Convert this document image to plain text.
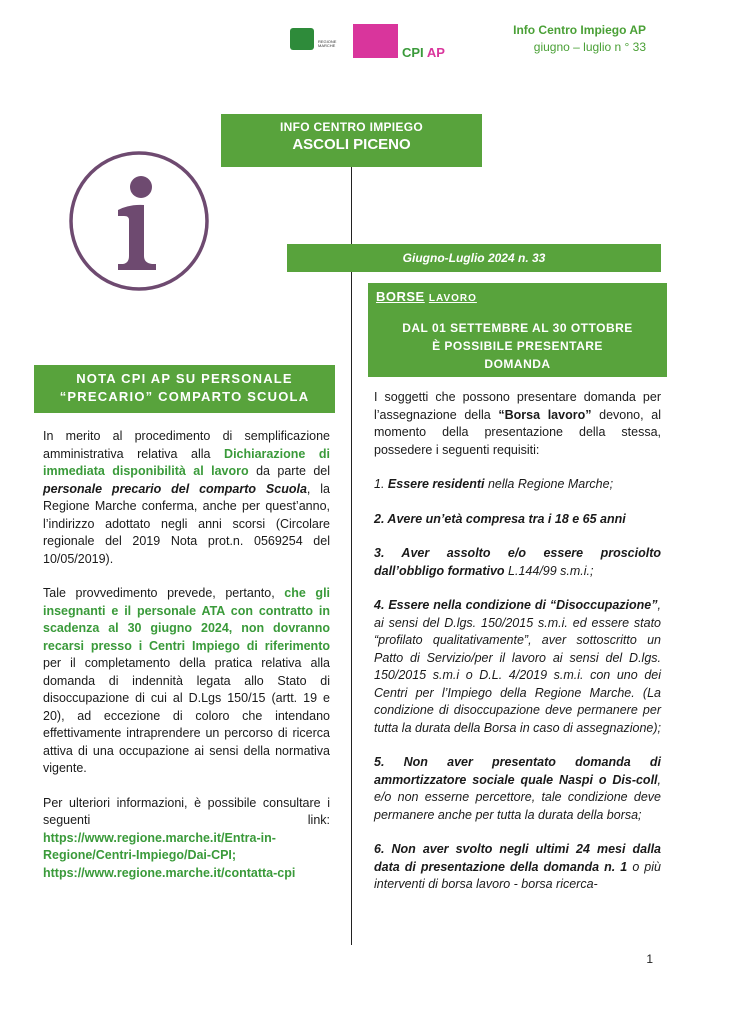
REGIONE MARCHE	CPI AP
Info Centro Impiego AP
giugno – luglio n ° 33
INFO CENTRO IMPIEGO
ASCOLI PICENO
Giugno-Luglio 2024 n. 33
BORSE LAVORO
DAL 01 SETTEMBRE AL 30 OTTOBRE
È POSSIBILE PRESENTARE
DOMANDA
NOTA CPI AP SU PERSONALE
“PRECARIO” COMPARTO SCUOLA

In merito al procedimento di semplificazione amministrativa relativa alla Dichiarazione di immediata disponibilità al lavoro da parte del personale precario del comparto Scuola, la Regione Marche conferma, anche per quest’anno, l’indirizzo adottato negli anni scorsi (Circolare regionale del 2019 Nota prot.n. 0569254 del 10/05/2019).

Tale provvedimento prevede, pertanto, che gli insegnanti e il personale ATA con contratto in scadenza al 30 giugno 2024, non dovranno recarsi presso i Centri Impiego di riferimento per il completamento della pratica relativa alla domanda di indennità legata allo Stato di disoccupazione di cui al D.Lgs 150/15 (artt. 19 e 20), ad eccezione di coloro che intendano effettivamente intraprendere un percorso di ricerca attiva di una occupazione ai sensi della normativa vigente.

Per ulteriori informazioni, è possibile consultare i seguenti link: https://www.regione.marche.it/Entra-in-Regione/Centri-Impiego/Dai-CPI; https://www.regione.marche.it/contatta-cpi

I soggetti che possono presentare domanda per l’assegnazione della “Borsa lavoro” devono, al momento della presentazione della stessa, possedere i seguenti requisiti:

1. Essere residenti nella Regione Marche;

2. Avere un’età compresa tra i 18 e 65 anni

3. Aver assolto e/o essere prosciolto dall’obbligo formativo L.144/99 s.m.i.;

4. Essere nella condizione di “Disoccupazione”, ai sensi del D.lgs. 150/2015 s.m.i. ed essere stato “profilato qualitativamente”, aver sottoscritto un Patto di Servizio/per il lavoro ai sensi del D.lgs. 150/2015 s.m.i o D.L. 4/2019 s.m.i. con uno dei Centri per l’Impiego della Regione Marche. (La condizione di disoccupazione deve permanere per tutta la durata della Borsa in caso di assegnazione);

5. Non aver presentato domanda di ammortizzatore sociale quale Naspi o Dis-coll, e/o non esserne percettore, tale condizione deve permanere anche per tutta la durata della borsa;

6. Non aver svolto negli ultimi 24 mesi dalla data di presentazione della domanda n. 1 o più interventi di borsa lavoro - borsa ricerca-

1
